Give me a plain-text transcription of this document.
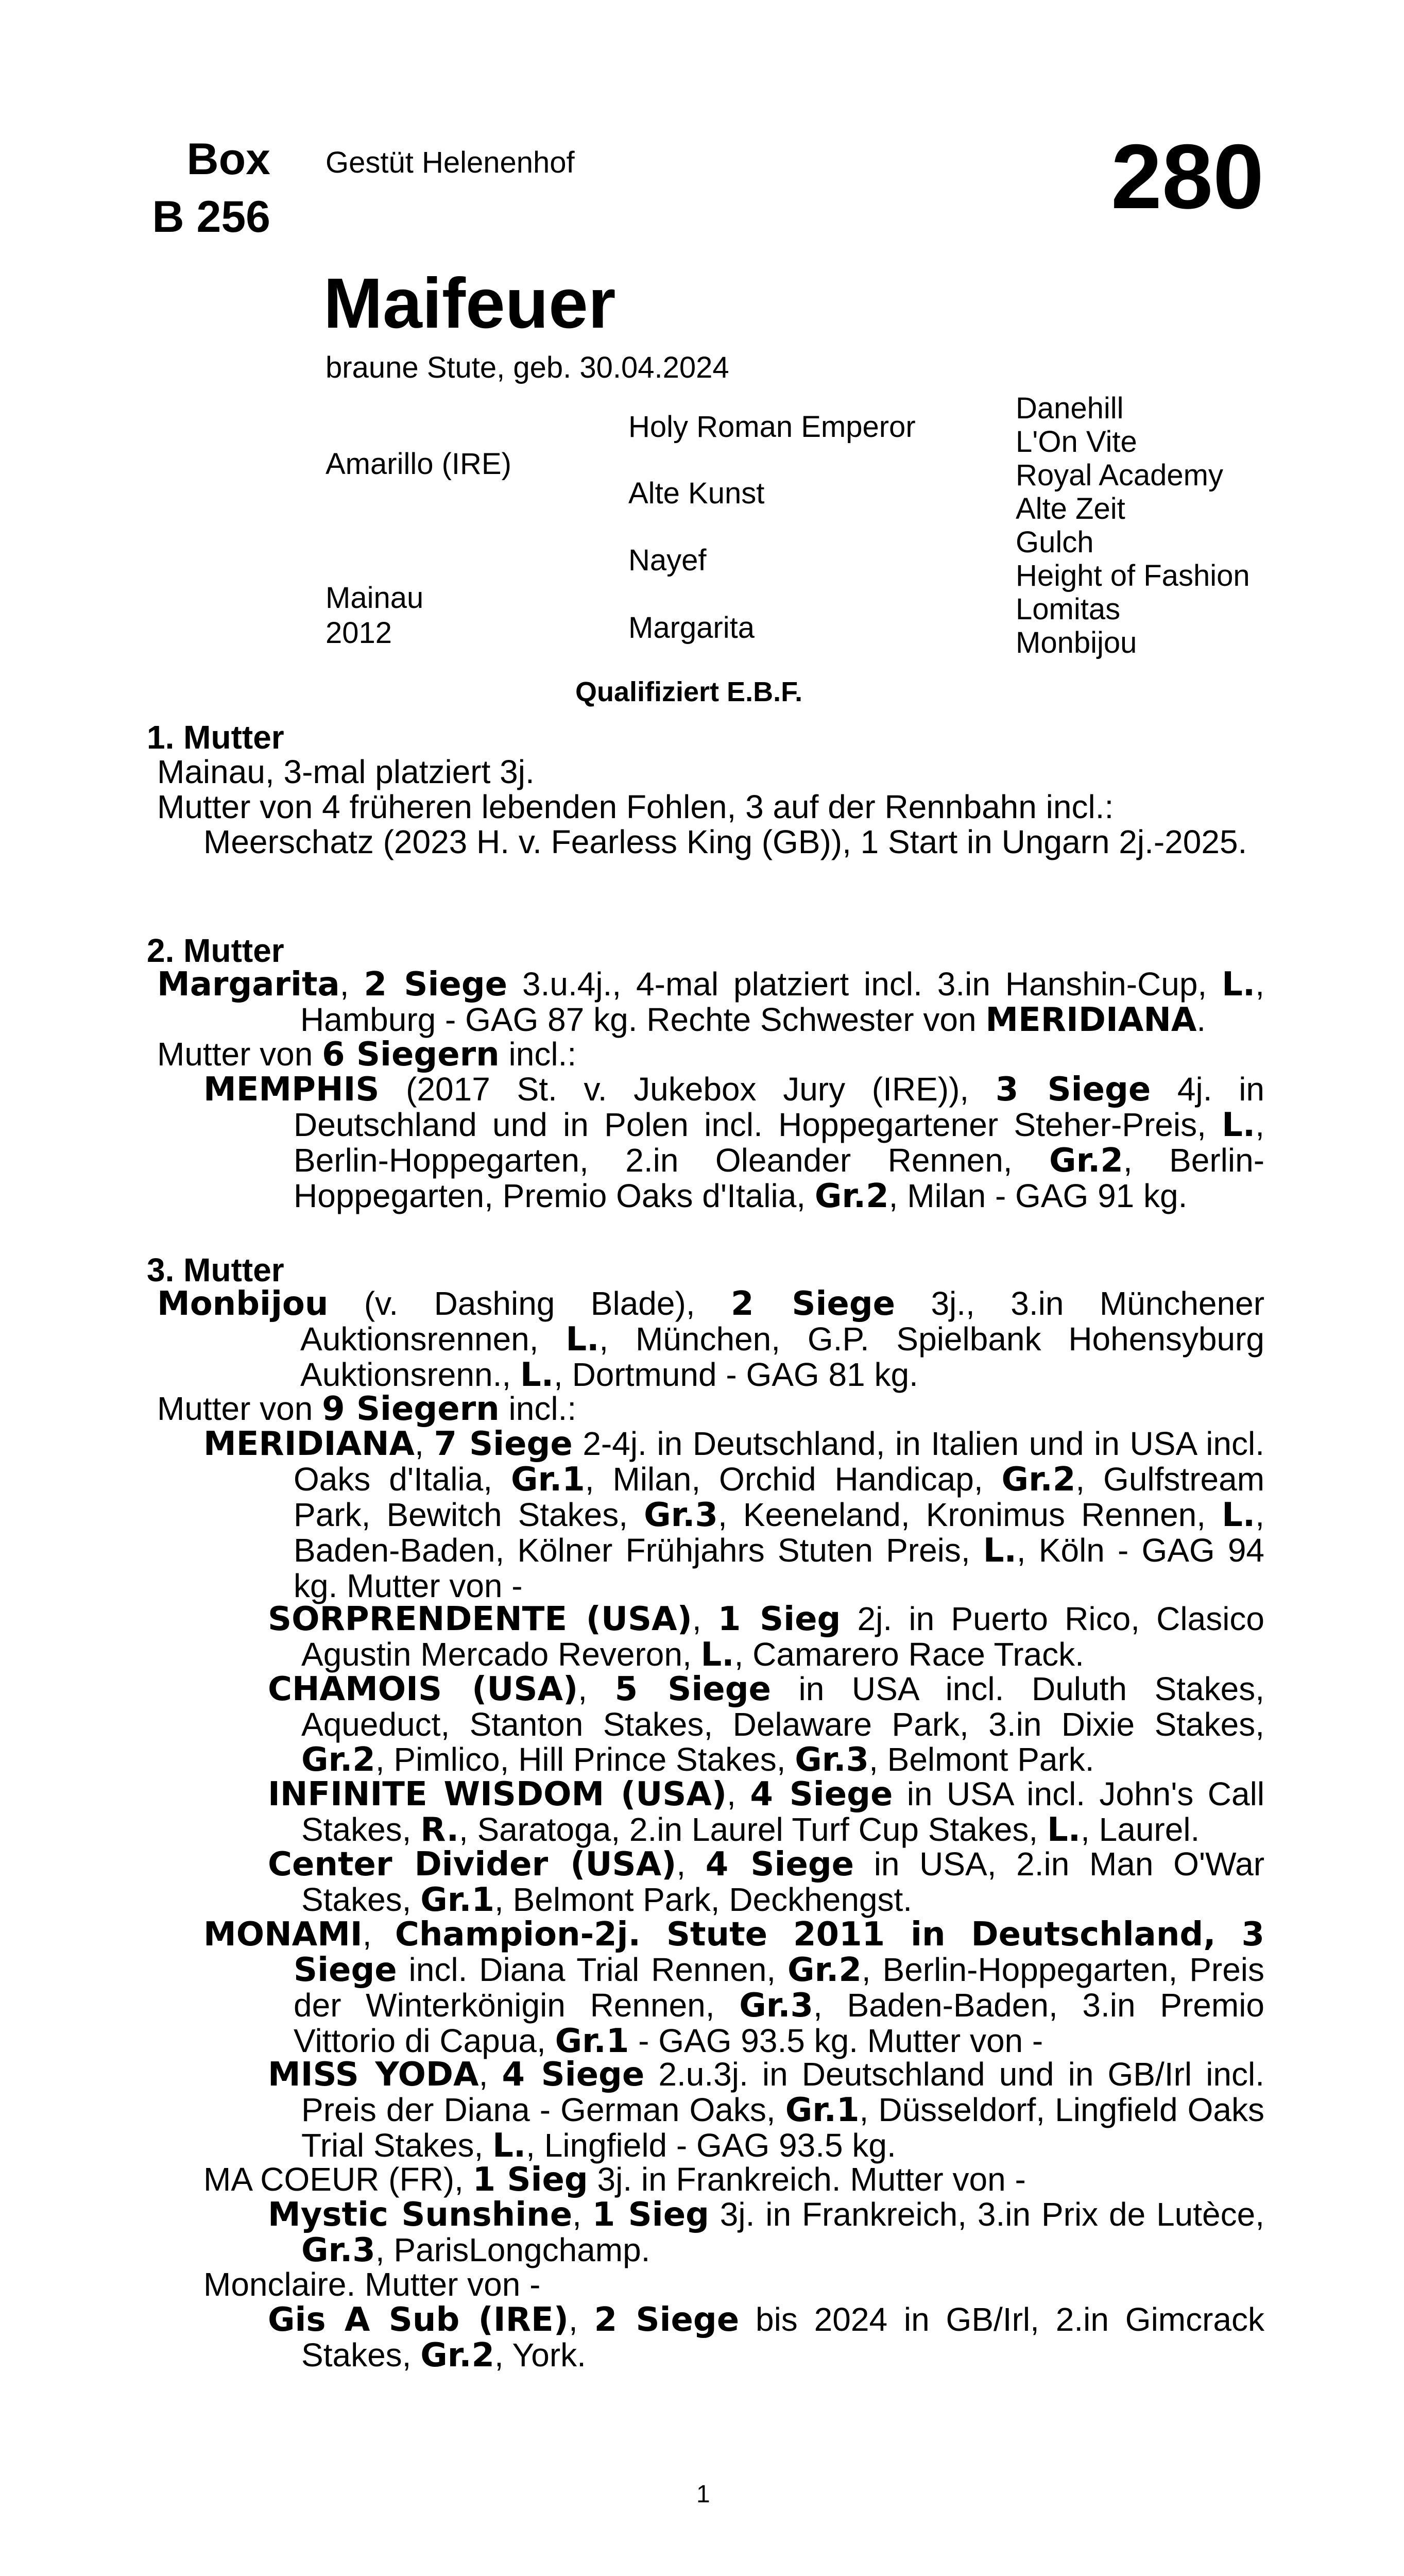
Box
B 256
Gestüt Helenenhof	280
Maifeuer
braune Stute, geb. 30.04.2024
Amarillo (IRE)
Mainau
2012
Holy Roman Emperor
Alte Kunst
Nayef
Margarita
Danehill
L'On Vite
Royal Academy
Alte Zeit
Gulch
Height of Fashion
Lomitas
Monbijou
Qualifiziert E.B.F.
1. Mutter
Mainau, 3-mal platziert 3j.
Mutter von 4 früheren lebenden Fohlen, 3 auf der Rennbahn incl.:
Meerschatz (2023 H. v. Fearless King (GB)), 1 Start in Ungarn 2j.-2025.
2. Mutter
Margarita, 2 Siege 3.u.4j., 4-mal platziert incl. 3.in Hanshin-Cup, L., Hamburg - GAG 87 kg. Rechte Schwester von MERIDIANA.
Mutter von 6 Siegern incl.:
MEMPHIS (2017 St. v. Jukebox Jury (IRE)), 3 Siege 4j. in Deutschland und in Polen incl. Hoppegartener Steher-Preis, L., Berlin-Hoppegarten, 2.in Oleander Rennen, Gr.2, Berlin-Hoppegarten, Premio Oaks d'Italia, Gr.2, Milan - GAG 91 kg.
3. Mutter
Monbijou (v. Dashing Blade), 2 Siege 3j., 3.in Münchener Auktionsrennen, L., München, G.P. Spielbank Hohensyburg Auktionsrenn., L., Dortmund - GAG 81 kg.
Mutter von 9 Siegern incl.:
MERIDIANA, 7 Siege 2-4j. in Deutschland, in Italien und in USA incl. Oaks d'Italia, Gr.1, Milan, Orchid Handicap, Gr.2, Gulfstream Park, Bewitch Stakes, Gr.3, Keeneland, Kronimus Rennen, L., Baden-Baden, Kölner Frühjahrs Stuten Preis, L., Köln - GAG 94 kg. Mutter von -
SORPRENDENTE (USA), 1 Sieg 2j. in Puerto Rico, Clasico Agustin Mercado Reveron, L., Camarero Race Track.
CHAMOIS (USA), 5 Siege in USA incl. Duluth Stakes, Aqueduct, Stanton Stakes, Delaware Park, 3.in Dixie Stakes, Gr.2, Pimlico, Hill Prince Stakes, Gr.3, Belmont Park.
INFINITE WISDOM (USA), 4 Siege in USA incl. John's Call Stakes, R., Saratoga, 2.in Laurel Turf Cup Stakes, L., Laurel.
Center Divider (USA), 4 Siege in USA, 2.in Man O'War Stakes, Gr.1, Belmont Park, Deckhengst.
MONAMI, Champion-2j. Stute 2011 in Deutschland, 3 Siege incl. Diana Trial Rennen, Gr.2, Berlin-Hoppegarten, Preis der Winterkönigin Rennen, Gr.3, Baden-Baden, 3.in Premio Vittorio di Capua, Gr.1 - GAG 93.5 kg. Mutter von -
MISS YODA, 4 Siege 2.u.3j. in Deutschland und in GB/Irl incl. Preis der Diana - German Oaks, Gr.1, Düsseldorf, Lingfield Oaks Trial Stakes, L., Lingfield - GAG 93.5 kg.
MA COEUR (FR), 1 Sieg 3j. in Frankreich. Mutter von -
Mystic Sunshine, 1 Sieg 3j. in Frankreich, 3.in Prix de Lutèce, Gr.3, ParisLongchamp.
Monclaire. Mutter von -
Gis A Sub (IRE), 2 Siege bis 2024 in GB/Irl, 2.in Gimcrack Stakes, Gr.2, York.
1
